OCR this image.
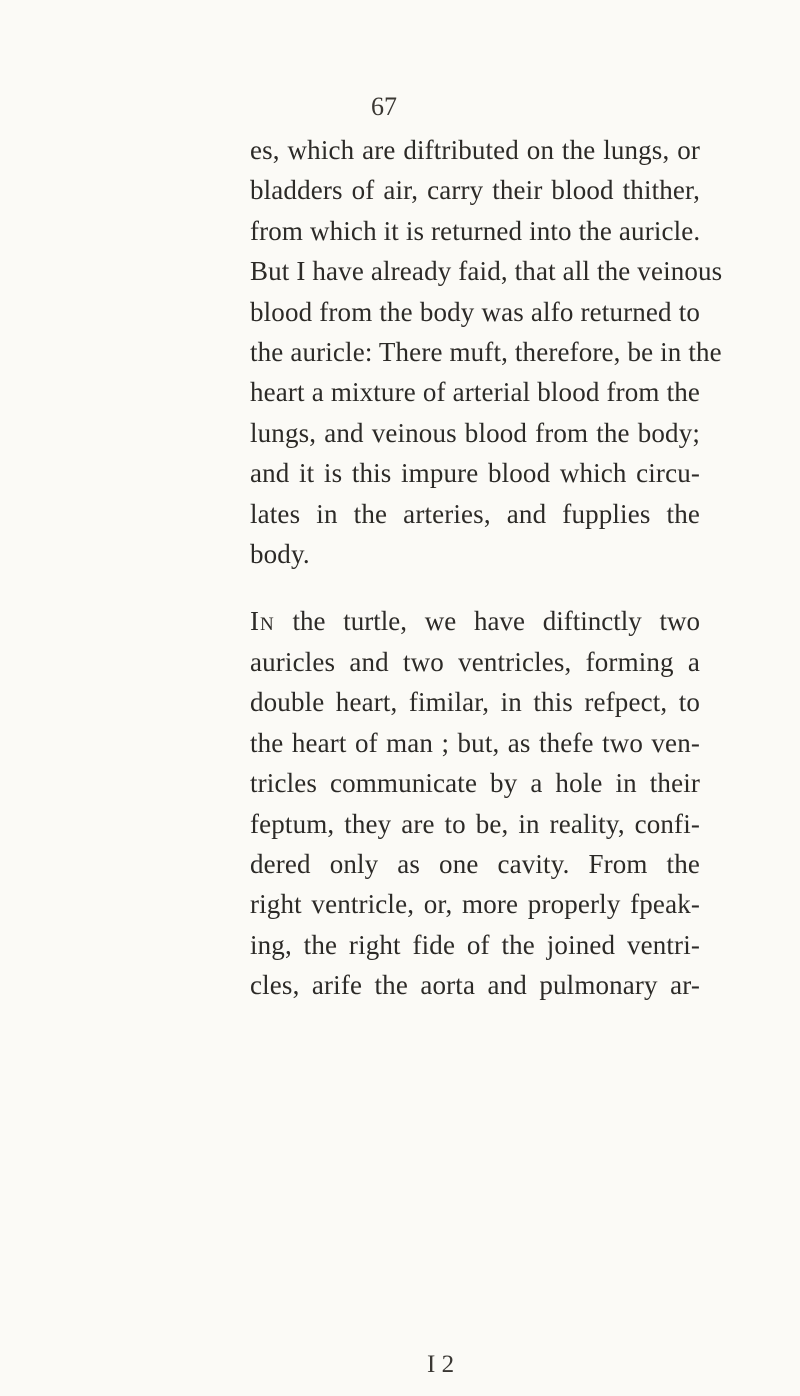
67
es, which are diftributed on the lungs, or
bladders of air, carry their blood thither,
from which it is returned into the auricle.
But I have already faid, that all the veinous
blood from the body was alfo returned to
the auricle: There muft, therefore, be in the
heart a mixture of arterial blood from the
lungs, and veinous blood from the body;
and it is this impure blood which circu-
lates in the arteries, and fupplies the
body.
In the turtle, we have diftinctly two
auricles and two ventricles, forming a
double heart, fimilar, in this refpect, to
the heart of man ; but, as thefe two ven-
tricles communicate by a hole in their
feptum, they are to be, in reality, confi-
dered only as one cavity. From the
right ventricle, or, more properly fpeak-
ing, the right fide of the joined ventri-
cles, arife the aorta and pulmonary ar-
I 2
